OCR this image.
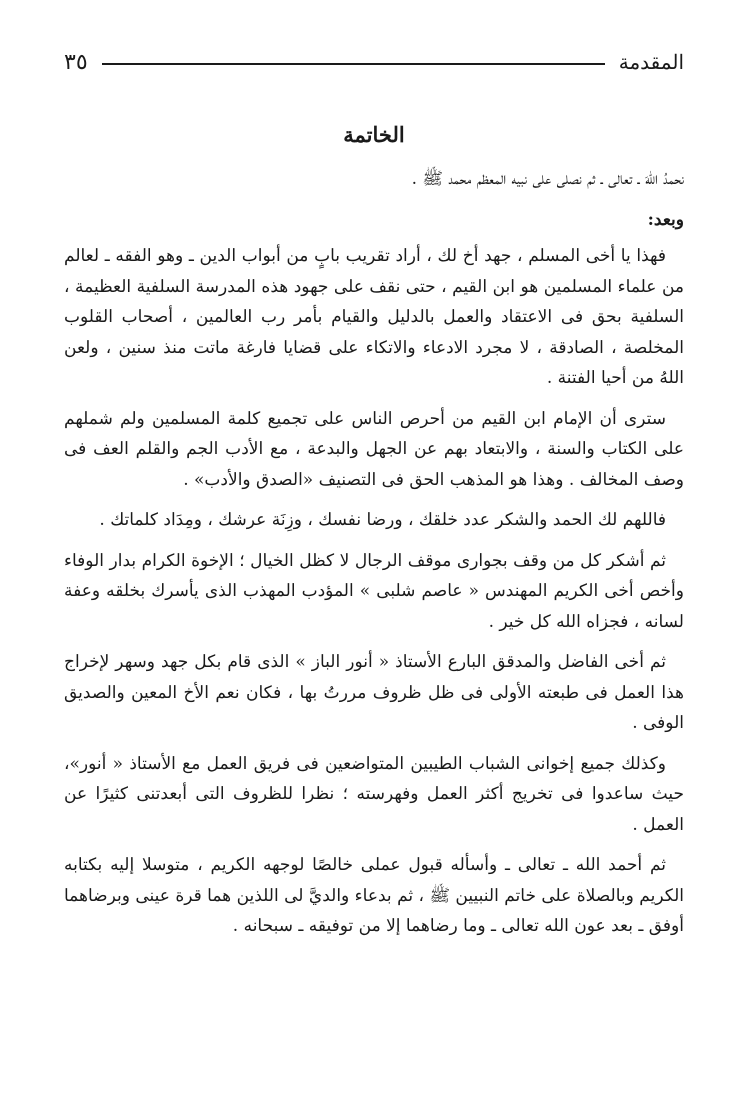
المقدمة
٣٥
الخاتمة

نحمدُ اللهَ ـ تعالى ـ ثم نصلى على نبيه المعظم محمد ﷺ .

وبعد:

فهذا يا أخى المسلم ، جهد أخ لك ، أراد تقريب بابٍ من أبواب الدين ـ وهو الفقه ـ لعالم من علماء المسلمين هو ابن القيم ، حتى نقف على جهود هذه المدرسة السلفية العظيمة ، السلفية بحق فى الاعتقاد والعمل بالدليل والقيام بأمر رب العالمين ، أصحاب القلوب المخلصة ، الصادقة ، لا مجرد الادعاء والاتكاء على قضايا فارغة ماتت منذ سنين ، ولعن اللهُ من أحيا الفتنة .

سترى أن الإمام ابن القيم من أحرص الناس على تجميع كلمة المسلمين ولم شملهم على الكتاب والسنة ، والابتعاد بهم عن الجهل والبدعة ، مع الأدب الجم والقلم العف فى وصف المخالف . وهذا هو المذهب الحق فى التصنيف «الصدق والأدب» .

فاللهم لك الحمد والشكر عدد خلقك ، ورضا نفسك ، وزِنَة عرشك ، ومِدَاد كلماتك .

ثم أشكر كل من وقف بجوارى موقف الرجال لا كظل الخيال ؛ الإخوة الكرام بدار الوفاء وأخص أخى الكريم المهندس « عاصم شلبى » المؤدب المهذب الذى يأسرك بخلقه وعفة لسانه ، فجزاه الله كل خير .

ثم أخى الفاضل والمدقق البارع الأستاذ « أنور الباز » الذى قام بكل جهد وسهر لإخراج هذا العمل فى طبعته الأولى فى ظل ظروف مررتُ بها ، فكان نعم الأخ المعين والصديق الوفى .

وكذلك جميع إخوانى الشباب الطيبين المتواضعين فى فريق العمل مع الأستاذ « أنور»، حيث ساعدوا فى تخريج أكثر العمل وفهرسته ؛ نظرا للظروف التى أبعدتنى كثيرًا عن العمل .

ثم أحمد الله ـ تعالى ـ وأسأله قبول عملى خالصًا لوجهه الكريم ، متوسلا إليه بكتابه الكريم وبالصلاة على خاتم النبيين ﷺ ، ثم بدعاء والديَّ لى اللذين هما قرة عينى وبرضاهما أوفق ـ بعد عون الله تعالى ـ وما رضاهما إلا من توفيقه ـ سبحانه .
